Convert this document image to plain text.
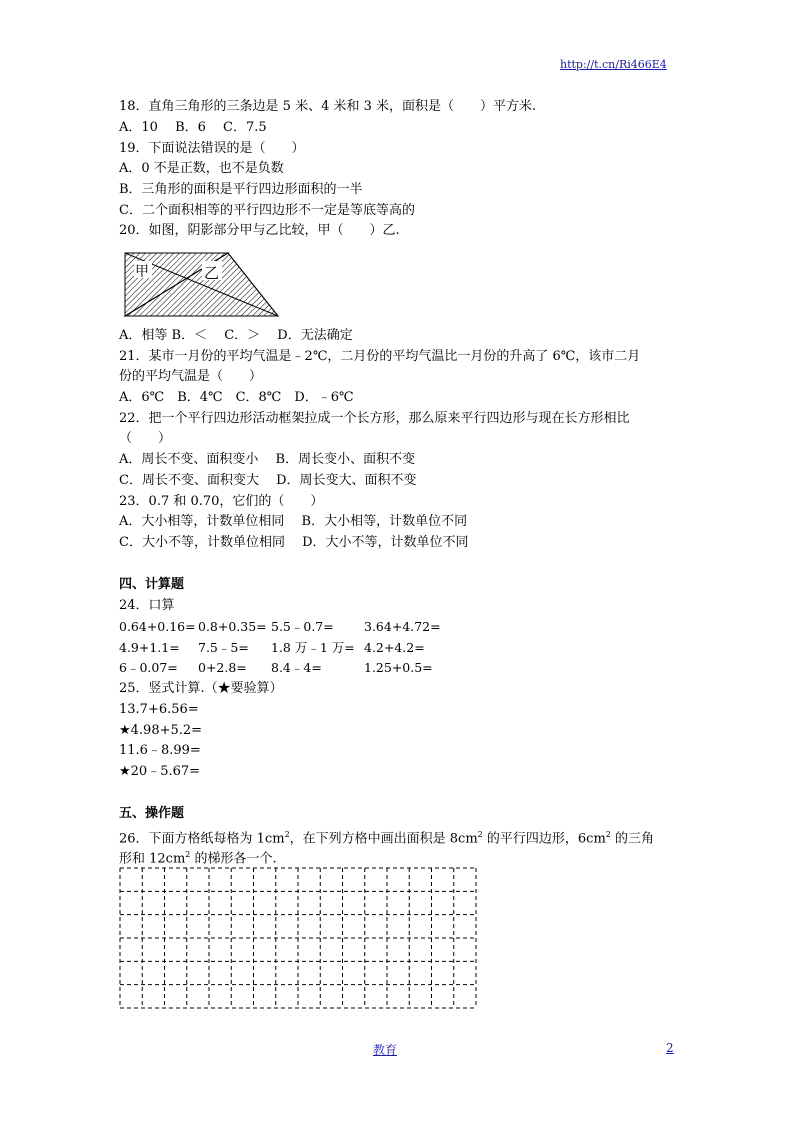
http://t.cn/Ri466E4
18．直角三角形的三条边是 5 米、4 米和 3 米，面积是（　　）平方米.
A．10　 B．6　 C．7.5
19．下面说法错误的是（　　）
A．0 不是正数，也不是负数
B．三角形的面积是平行四边形面积的一半
C．二个面积相等的平行四边形不一定是等底等高的
20．如图，阴影部分甲与乙比较，甲（　　）乙.
甲	乙
A．相等 B．＜　 C．＞　 D．无法确定
21．某市一月份的平均气温是﹣2℃，二月份的平均气温比一月份的升高了 6℃，该市二月
份的平均气温是（　　）
A．6℃　B．4℃　C．8℃　D．﹣6℃
22．把一个平行四边形活动框架拉成一个长方形，那么原来平行四边形与现在长方形相比
（　　）
A．周长不变、面积变小　 B．周长变小、面积不变
C．周长不变、面积变大　 D．周长变大、面积不变
23．0.7 和 0.70，它们的（　　）
A．大小相等，计数单位相同　 B．大小相等，计数单位不同
C．大小不等，计数单位相同　 D．大小不等，计数单位不同
四、计算题
24．口算
0.64+0.16= 0.8+0.35= 5.5﹣0.7= 3.64+4.72=
4.9+1.1= 7.5﹣5= 1.8 万﹣1 万= 4.2+4.2=
6﹣0.07= 0+2.8= 8.4﹣4=	1.25+0.5=
25．竖式计算.（★要验算）
13.7+6.56=
★4.98+5.2=
11.6﹣8.99=
★20﹣5.67=
五、操作题
26．下面方格纸每格为 $1cm^2$，在下列方格中画出面积是 $8cm^2$ 的平行四边形，$6cm^2$ 的三角
形和 $12cm^2$ 的梯形各一个.
教育	2
